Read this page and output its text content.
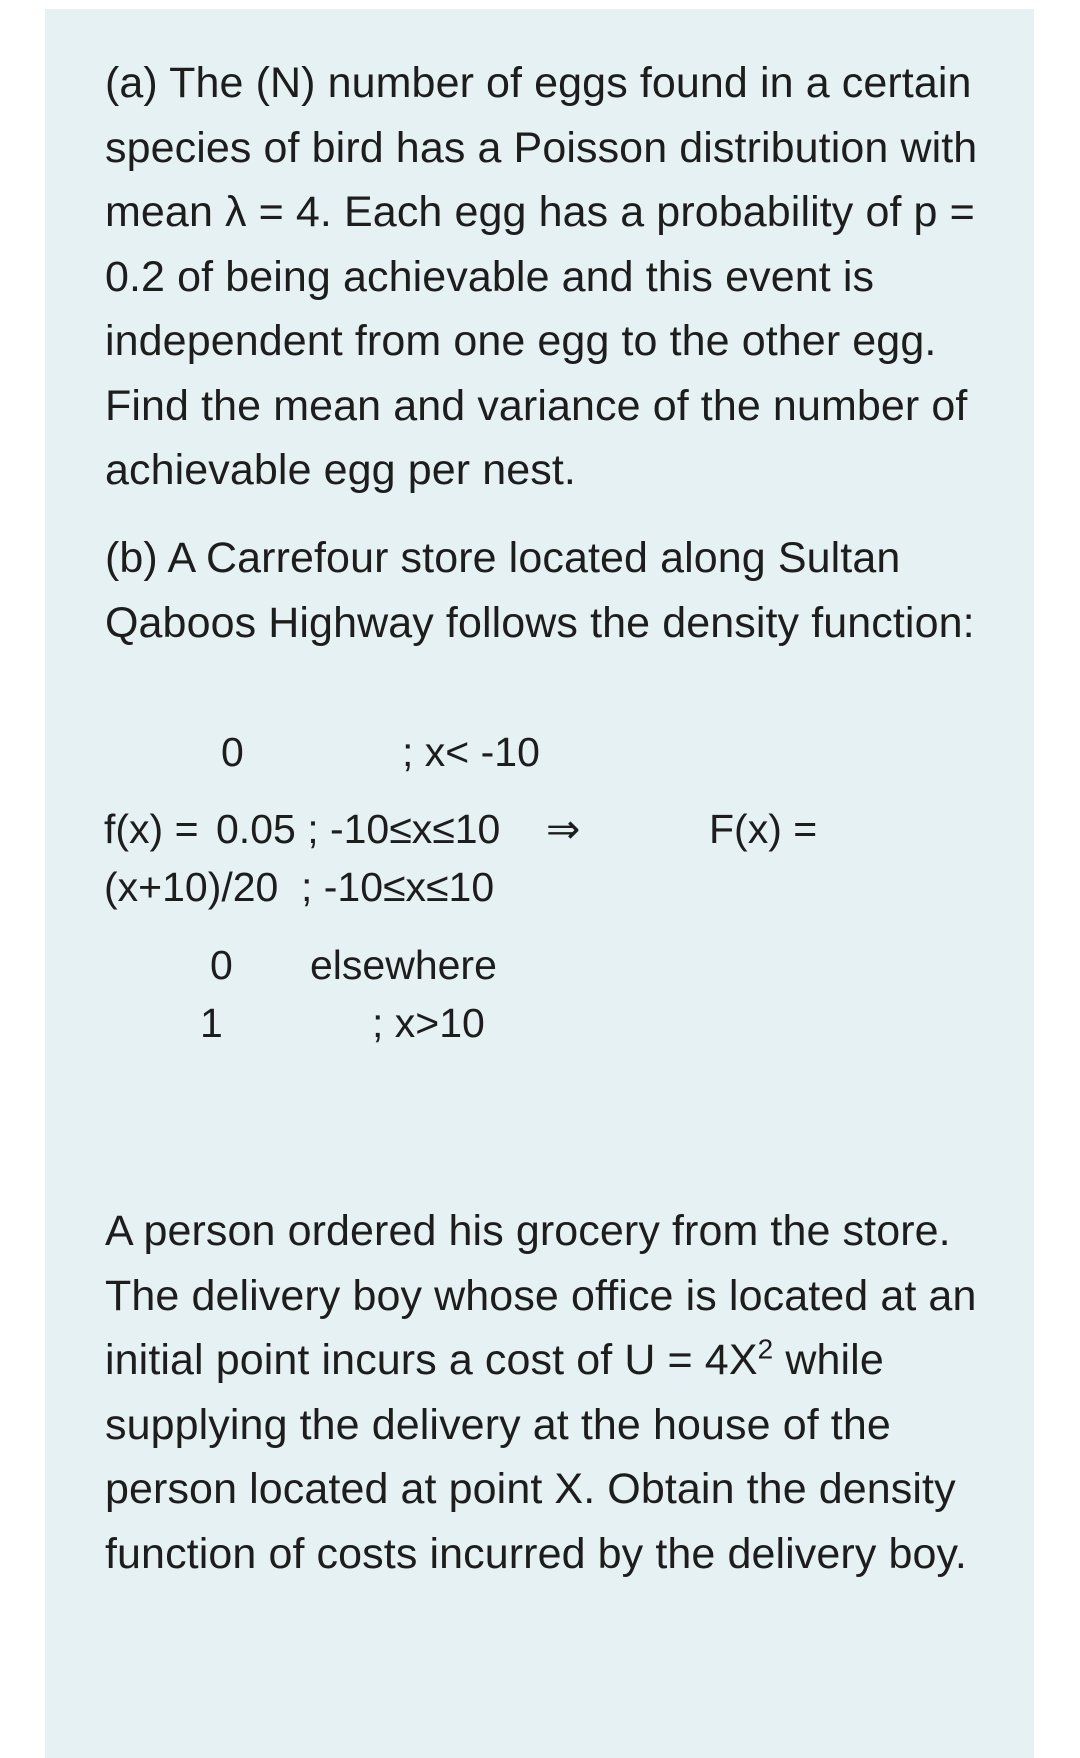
(a) The (N) number of eggs found in a certain species of bird has a Poisson distribution with mean λ = 4. Each egg has a probability of p = 0.2 of being achievable and this event is independent from one egg to the other egg. Find the mean and variance of the number of achievable egg per nest.

(b) A Carrefour store located along Sultan Qaboos Highway follows the density function:

0	; x< -10
f(x) = 0.05 ; -10≤x≤10 ⇒	F(x) =
(x+10)/20 ; -10≤x≤10
0 elsewhere
1	; x>10

A person ordered his grocery from the store. The delivery boy whose office is located at an initial point incurs a cost of $U = 4X^2$ while supplying the delivery at the house of the person located at point X. Obtain the density function of costs incurred by the delivery boy.
